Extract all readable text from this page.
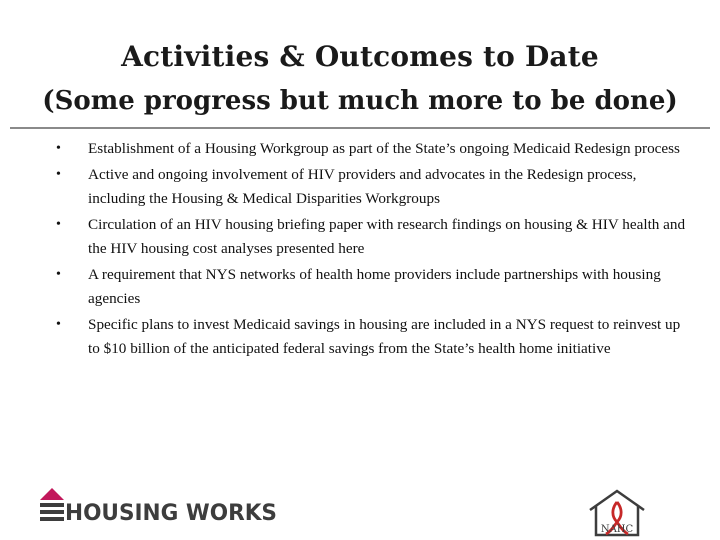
Activities & Outcomes to Date
(Some progress but much more to be done)
• Establishment of a Housing Workgroup as part of the State’s ongoing Medicaid Redesign process
• Active and ongoing involvement of HIV providers and advocates in the Redesign process, including the Housing & Medical Disparities Workgroups
• Circulation of an HIV housing briefing paper with research findings on housing & HIV health and the HIV housing cost analyses presented here
• A requirement that NYS networks of health home providers include partnerships with housing agencies
• Specific plans to invest Medicaid savings in housing are included in a NYS request to reinvest up to $10 billion of the anticipated federal savings from the State’s health home initiative
HOUSING WORKS
NAHC
